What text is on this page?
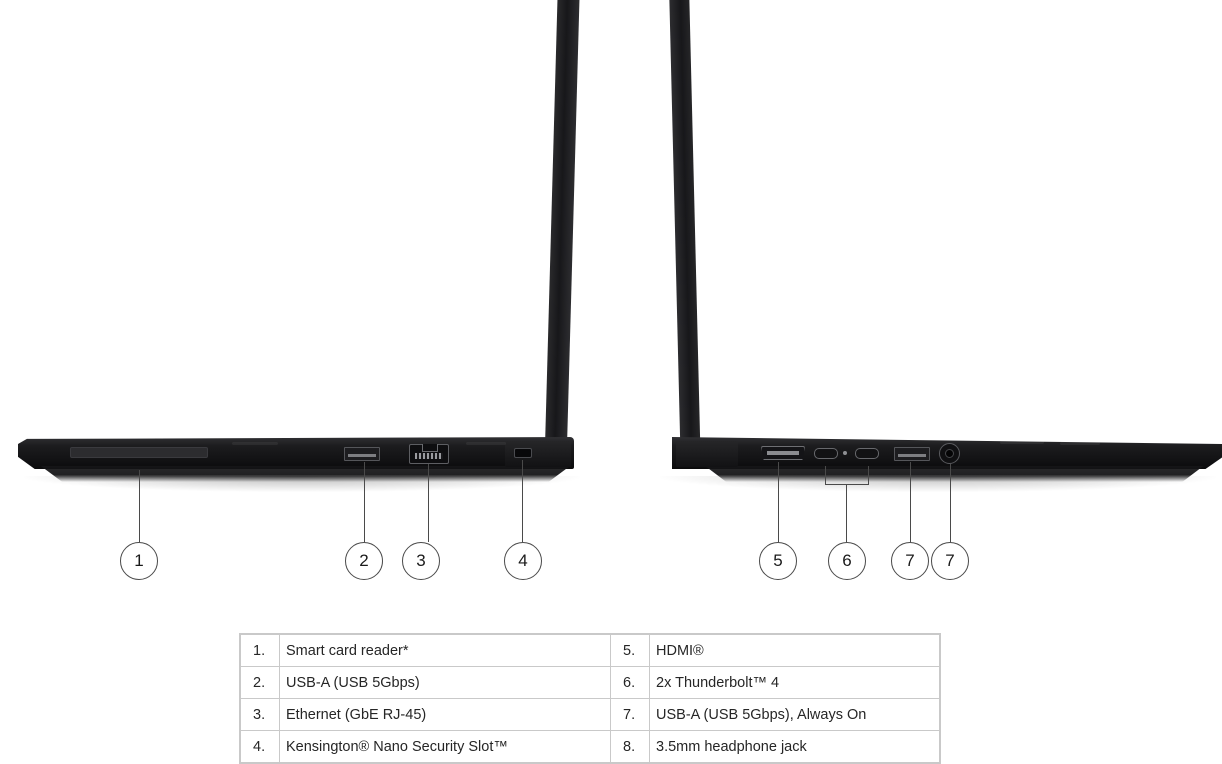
1	2	3	4	5	6	7 7
1.	Smart card reader*	5.	HDMI®
2.	USB-A (USB 5Gbps)	6.	2x Thunderbolt™ 4
3.	Ethernet (GbE RJ-45)	7.	USB-A (USB 5Gbps), Always On
4.	Kensington® Nano Security Slot™	8.	3.5mm headphone jack
